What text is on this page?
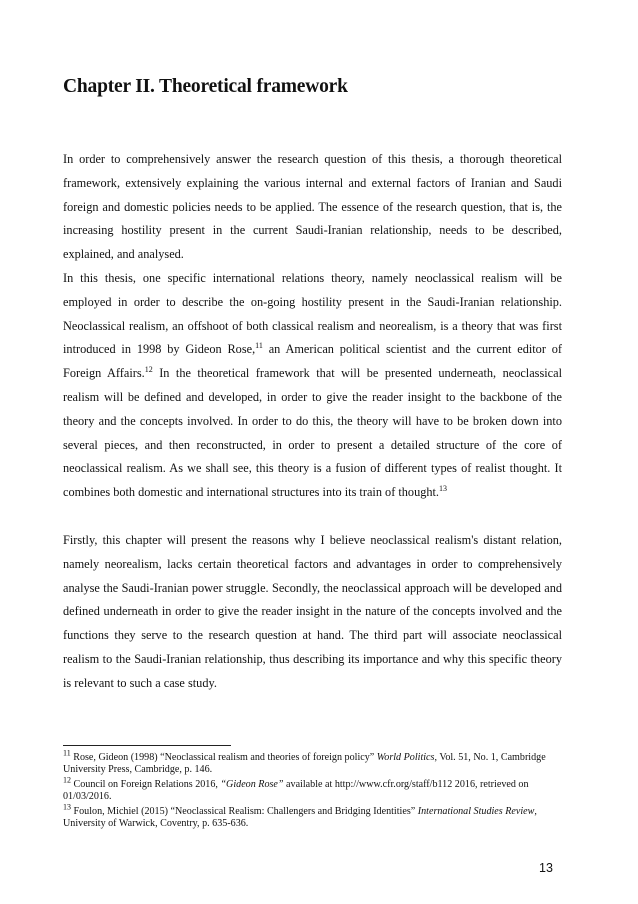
Chapter II. Theoretical framework

In order to comprehensively answer the research question of this thesis, a thorough theoretical framework, extensively explaining the various internal and external factors of Iranian and Saudi foreign and domestic policies needs to be applied. The essence of the research question, that is, the increasing hostility present in the current Saudi-Iranian relationship, needs to be described, explained, and analysed.

In this thesis, one specific international relations theory, namely neoclassical realism will be employed in order to describe the on-going hostility present in the Saudi-Iranian relationship. Neoclassical realism, an offshoot of both classical realism and neorealism, is a theory that was first introduced in 1998 by Gideon Rose,$^{11}$ an American political scientist and the current editor of Foreign Affairs.$^{12}$ In the theoretical framework that will be presented underneath, neoclassical realism will be defined and developed, in order to give the reader insight to the backbone of the theory and the concepts involved. In order to do this, the theory will have to be broken down into several pieces, and then reconstructed, in order to present a detailed structure of the core of neoclassical realism. As we shall see, this theory is a fusion of different types of realist thought. It combines both domestic and international structures into its train of thought.$^{13}$

Firstly, this chapter will present the reasons why I believe neoclassical realism's distant relation, namely neorealism, lacks certain theoretical factors and advantages in order to comprehensively analyse the Saudi-Iranian power struggle. Secondly, the neoclassical approach will be developed and defined underneath in order to give the reader insight in the nature of the concepts involved and the functions they serve to the research question at hand. The third part will associate neoclassical realism to the Saudi-Iranian relationship, thus describing its importance and why this specific theory is relevant to such a case study.

$^{11}$ Rose, Gideon (1998) “Neoclassical realism and theories of foreign policy” World Politics, Vol. 51, No. 1, Cambridge University Press, Cambridge, p. 146.

$^{12}$ Council on Foreign Relations 2016, “Gideon Rose” available at http://www.cfr.org/staff/b112 2016, retrieved on 01/03/2016.

$^{13}$ Foulon, Michiel (2015) “Neoclassical Realism: Challengers and Bridging Identities” International Studies Review, University of Warwick, Coventry, p. 635-636.

13
